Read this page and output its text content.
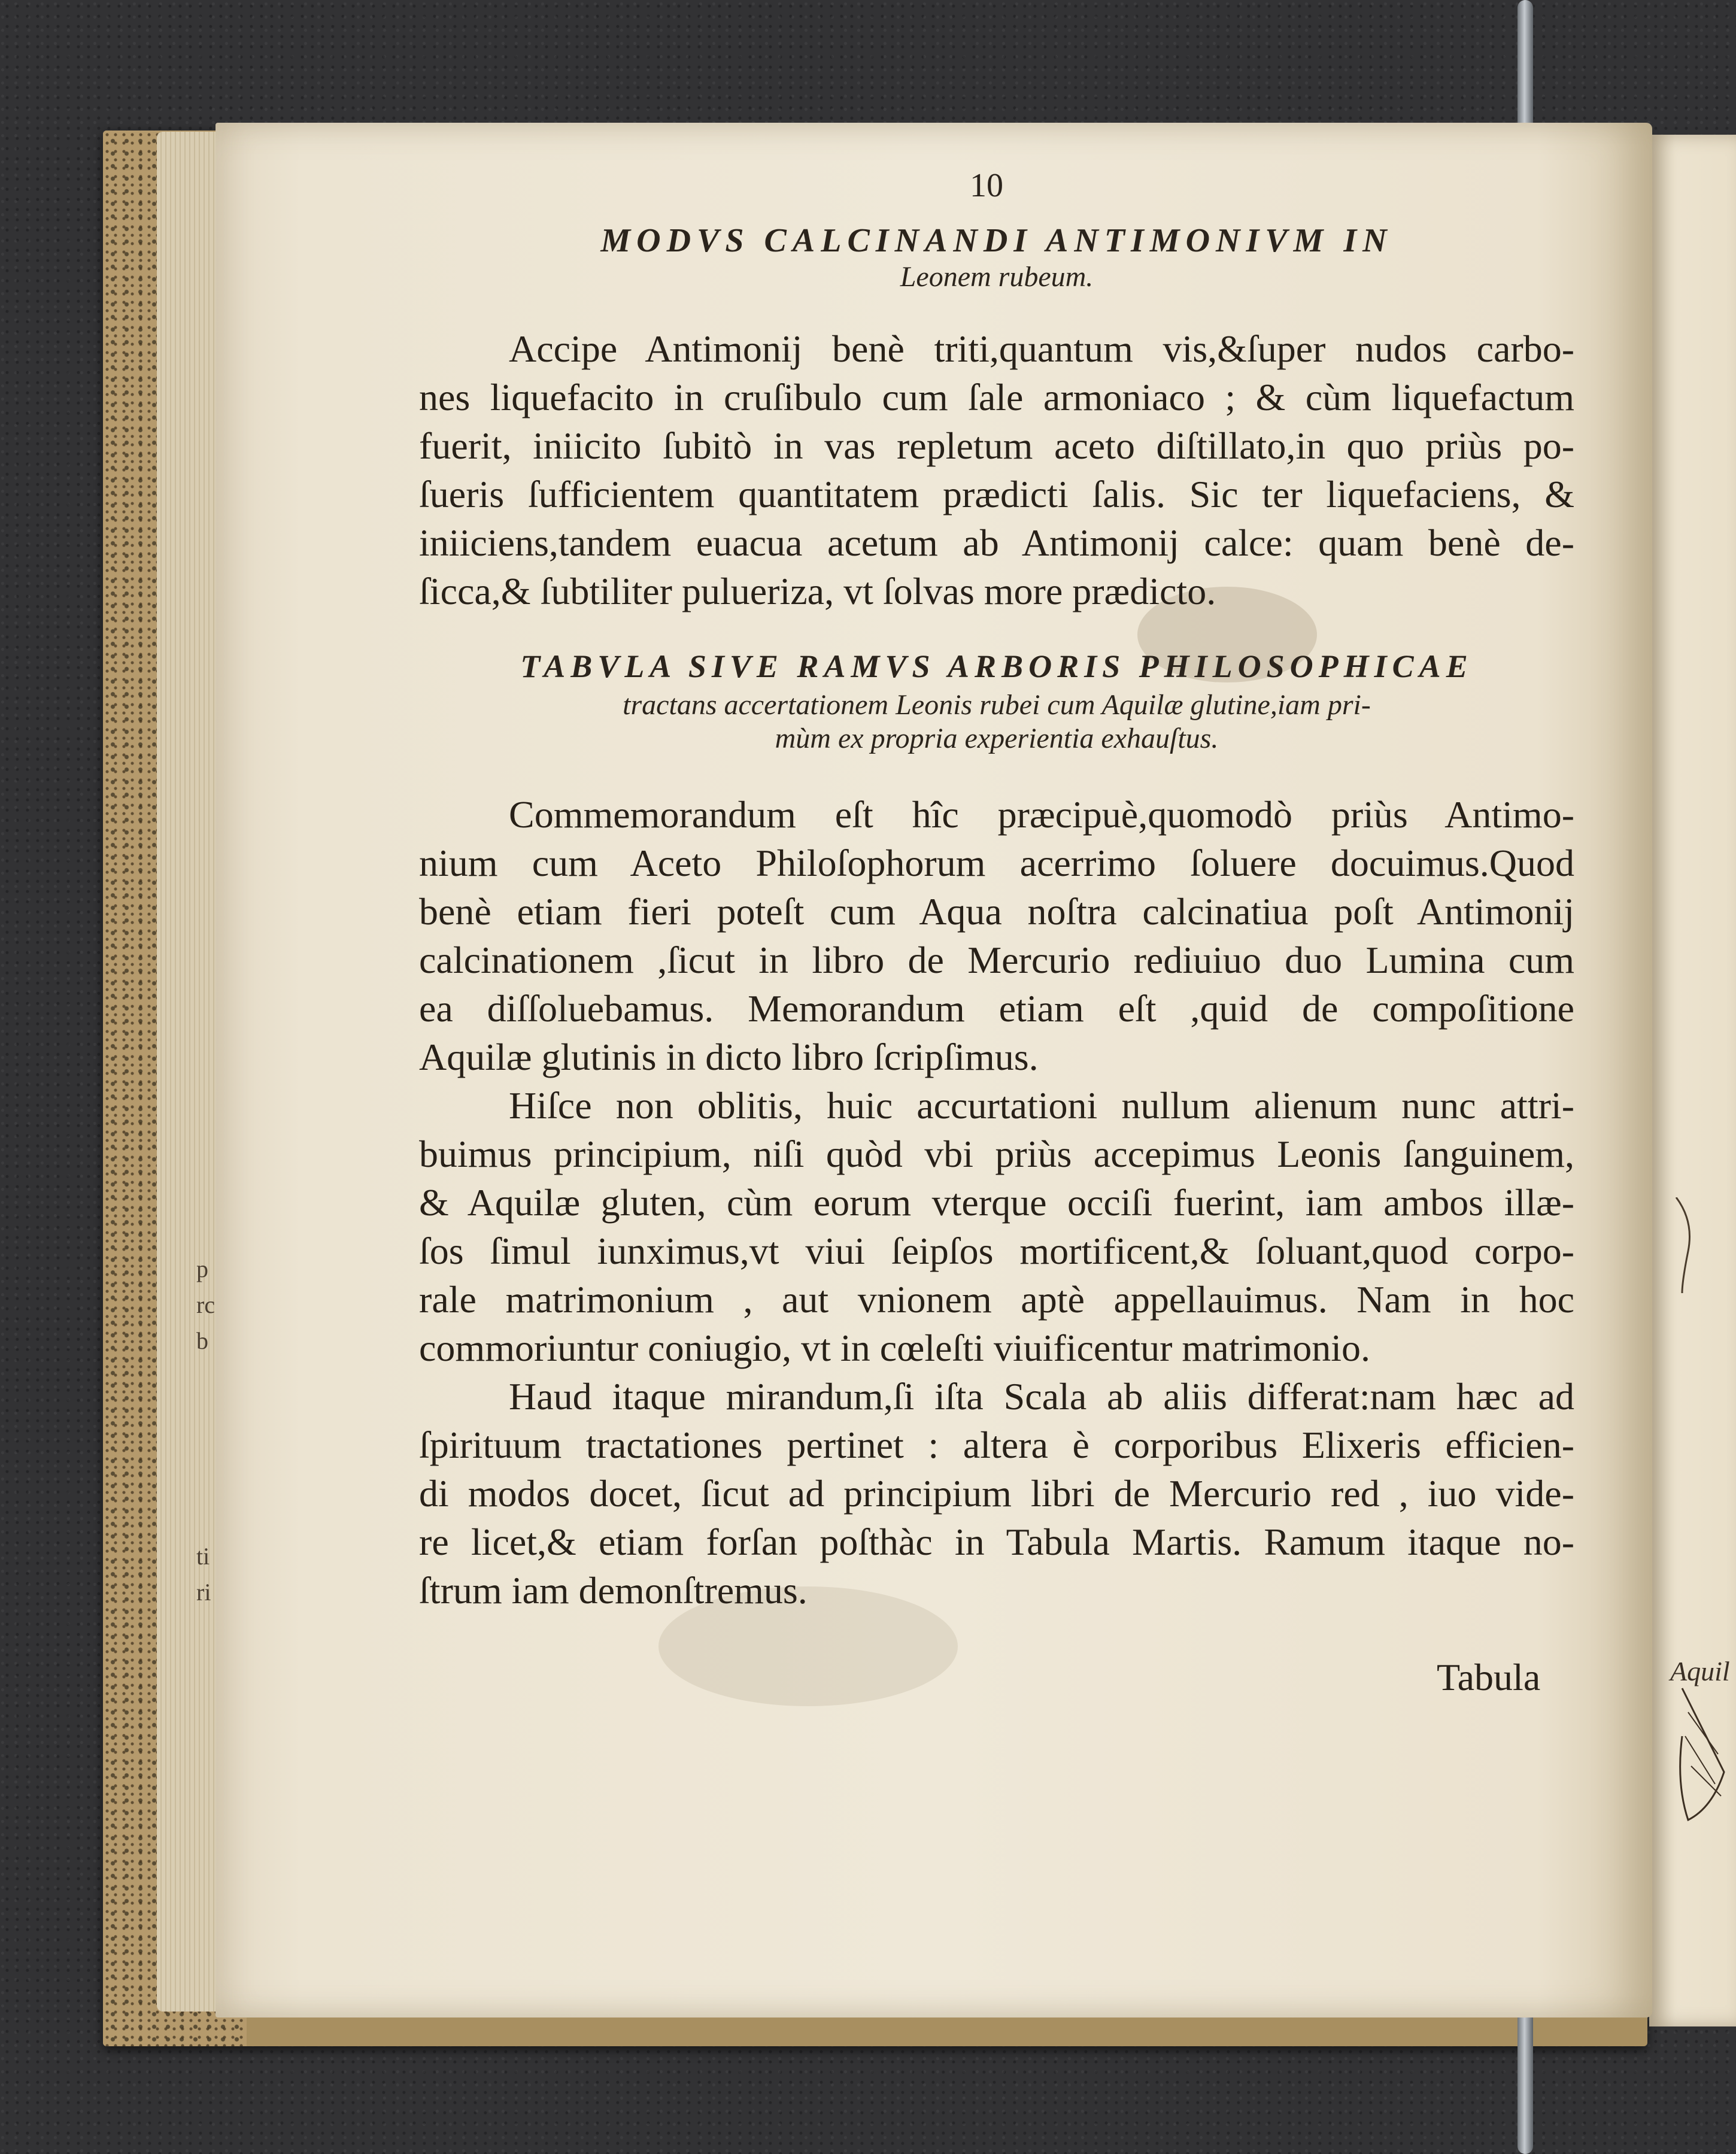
Aquil
10
MODVS CALCINANDI ANTIMONIVM IN
Leonem rubeum.
Accipe Antimonij benè triti,quantum vis,&ſuper nudos carbo-
nes liquefacito in cruſibulo cum ſale armoniaco ; & cùm liquefactum
fuerit, iniicito ſubitò in vas repletum aceto diſtillato,in quo priùs po-
ſueris ſufficientem quantitatem prædicti ſalis. Sic ter liquefaciens, &
iniiciens,tandem euacua acetum ab Antimonij calce: quam benè de-
ſicca,& ſubtiliter puluerіza, vt ſolvas more prædicto.
TABVLA SIVE RAMVS ARBORIS PHILOSOPHICAE
tractans accertationem Leonis rubei cum Aquilæ glutine,iam pri-
mùm ex propria experientia exhauſtus.
Commemorandum eſt hîc præcipuè,quomodò priùs Antimo-
nium cum Aceto Philoſophorum acerrimo ſoluere docuimus.Quod
benè etiam fieri poteſt cum Aqua noſtra calcinatiua poſt Antimonij
calcinationem ,ſicut in libro de Mercurio rediuiuo duo Lumina cum
ea diſſoluebamus. Memorandum etiam eſt ,quid de compoſitione
Aquilæ glutinis in dicto libro ſcripſimus.
Hiſce non oblitis, huic accurtationi nullum alienum nunc attri-
buimus principium, niſi quòd vbi priùs accepimus Leonis ſanguinem,
& Aquilæ gluten, cùm eorum vterque occiſi fuerint, iam ambos illæ-
ſos ſimul iunximus,vt viui ſeipſos mortificent,& ſoluant,quod corpo-
rale matrimonium , aut vnionem aptè appellauimus. Nam in hoc
commoriuntur coniugio, vt in cœleſti viuificentur matrimonio.
Haud itaque mirandum,ſi iſta Scala ab aliis differat:nam hæc ad
ſpirituum tractationes pertinet : altera è corporibus Elixeris efficien-
di modos docet, ſicut ad principium libri de Mercurio red , iuo vide-
re licet,& etiam forſan poſthàc in Tabula Martis. Ramum itaque no-
ſtrum iam demonſtremus.
Tabula
p
rc
b
ti
ri
